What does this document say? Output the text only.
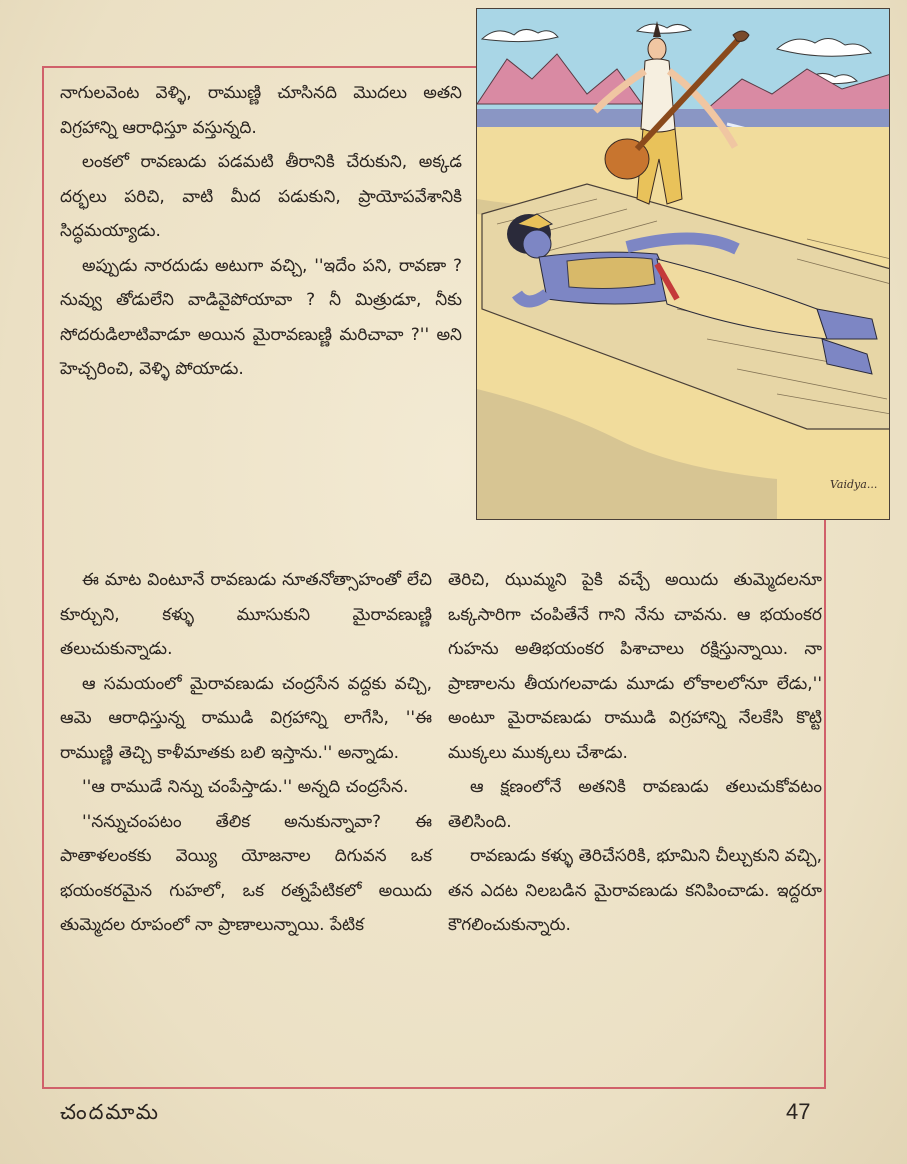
Vaidya...

నాగులవెంట వెళ్ళి, రాముణ్ణి చూసినది మొదలు అతని విగ్రహాన్ని ఆరాధిస్తూ వస్తున్నది.

లంకలో రావణుడు పడమటి తీరానికి చేరుకుని, అక్కడ దర్భలు పరిచి, వాటి మీద పడుకుని, ప్రాయోపవేశానికి సిద్ధమయ్యాడు.

అప్పుడు నారదుడు అటుగా వచ్చి, ''ఇదేం పని, రావణా ? నువ్వు తోడులేని వాడివైపోయావా ? నీ మిత్రుడూ, నీకు సోదరుడిలాటివాడూ అయిన మైరావణుణ్ణి మరిచావా ?'' అని హెచ్చరించి, వెళ్ళి పోయాడు.

ఈ మాట వింటూనే రావణుడు నూతనోత్సాహంతో లేచి కూర్చుని, కళ్ళు మూసుకుని మైరావణుణ్ణి తలుచుకున్నాడు.

ఆ సమయంలో మైరావణుడు చంద్రసేన వద్దకు వచ్చి, ఆమె ఆరాధిస్తున్న రాముడి విగ్రహాన్ని లాగేసి, ''ఈ రాముణ్ణి తెచ్చి కాళీమాతకు బలి ఇస్తాను.'' అన్నాడు.

''ఆ రాముడే నిన్ను చంపేస్తాడు.'' అన్నది చంద్రసేన.

''నన్నుచంపటం తేలిక అనుకున్నావా? ఈ పాతాళలంకకు వెయ్యి యోజనాల దిగువన ఒక భయంకరమైన గుహలో, ఒక రత్నపేటికలో అయిదు తుమ్మెదల రూపంలో నా ప్రాణాలున్నాయి. పేటిక

తెరిచి, ఝుమ్మని పైకి వచ్చే అయిదు తుమ్మెదలనూ ఒక్కసారిగా చంపితేనే గాని నేను చావను. ఆ భయంకర గుహను అతిభయంకర పిశాచాలు రక్షిస్తున్నాయి. నా ప్రాణాలను తీయగలవాడు మూడు లోకాలలోనూ లేడు,'' అంటూ మైరావణుడు రాముడి విగ్రహాన్ని నేలకేసి కొట్టి ముక్కలు ముక్కలు చేశాడు.

ఆ క్షణంలోనే అతనికి రావణుడు తలుచుకోవటం తెలిసింది.

రావణుడు కళ్ళు తెరిచేసరికి, భూమిని చీల్చుకుని వచ్చి, తన ఎదట నిలబడిన మైరావణుడు కనిపించాడు. ఇద్దరూ కౌగలించుకున్నారు.

చందమామ	47
